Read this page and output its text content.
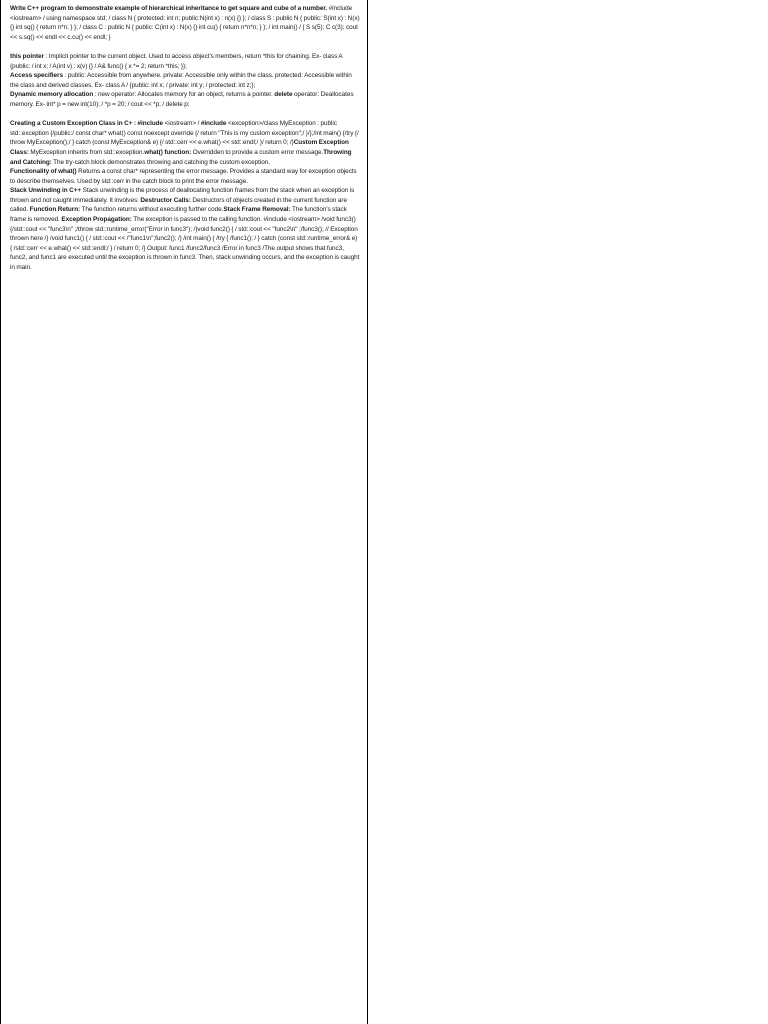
Write C++ program to demonstrate example of hierarchical inheritance to get square and cube of a number. #include <iostream> / using namespace std; / class N { protected: int n; public:N(int x) : n(x) {} }; / class S : public N { public: S(int x) : N(x) {} int sq() { return n*n; } }; / class C : public N { public: C(int x) : N(x) {} int cu() { return n*n*n; } }; / int main() / { S s(5); C c(3); cout << s.sq() << endl << c.cu() << endl; }

this pointer : Implicit pointer to the current object. Used to access object's members, return *this for chaining. Ex- class A {public: / int x; / A(int v) : x(v) {} / A& func() { x *= 2; return *this; }};

Access specifiers : public: Accessible from anywhere. private: Accessible only within the class. protected: Accessible within the class and derived classes. Ex- class A / {public: int x; / private: int y; / protected: int z;};

Dynamic memory allocation : new operator: Allocates memory for an object, returns a pointer. delete operator: Deallocates memory. Ex- int* p = new int(10); / *p = 20; / cout << *p; / delete p;

Creating a Custom Exception Class in C+ : #include <iostream> / #include <exception>/class MyException : public std::exception {/public:/ const char* what() const noexcept override {/ return "This is my custom exception";/ }/};/int main() {/try {/ throw MyException();/ } catch (const MyException& e) {/ std::cerr << e.what() << std::endl;/ }/ return 0; /}Custom Exception Class: MyException inherits from std::exception.what() function: Overridden to provide a custom error message.Throwing and Catching: The try-catch block demonstrates throwing and catching the custom exception.

Functionality of what() Returns a const char* representing the error message. Provides a standard way for exception objects to describe themselves. Used by std::cerr in the catch block to print the error message.

Stack Unwinding in C++ Stack unwinding is the process of deallocating function frames from the stack when an exception is thrown and not caught immediately. It involves: Destructor Calls: Destructors of objects created in the current function are called. Function Return: The function returns without executing further code.Stack Frame Removal: The function's stack frame is removed. Exception Propagation: The exception is passed to the calling function. #include <iostream> /void func3() {/std::cout << "func3\n" ;/throw std::runtime_error("Error in func3"); /}void func2() { / std::cout << "func2\n" ;/func3(); // Exception thrown here /} /void func1() { / std::cout << /"func1\n";func2(); /} /int main() { /try { /func1(); / } catch (const std::runtime_error& e) { /std::cerr << e.what() << std::endl;/ } / return 0; /} Output: func1 /func2/func3 /Error in func3 /The output shows that func3, func2, and func1 are executed until the exception is thrown in func3. Then, stack unwinding occurs, and the exception is caught in main.
